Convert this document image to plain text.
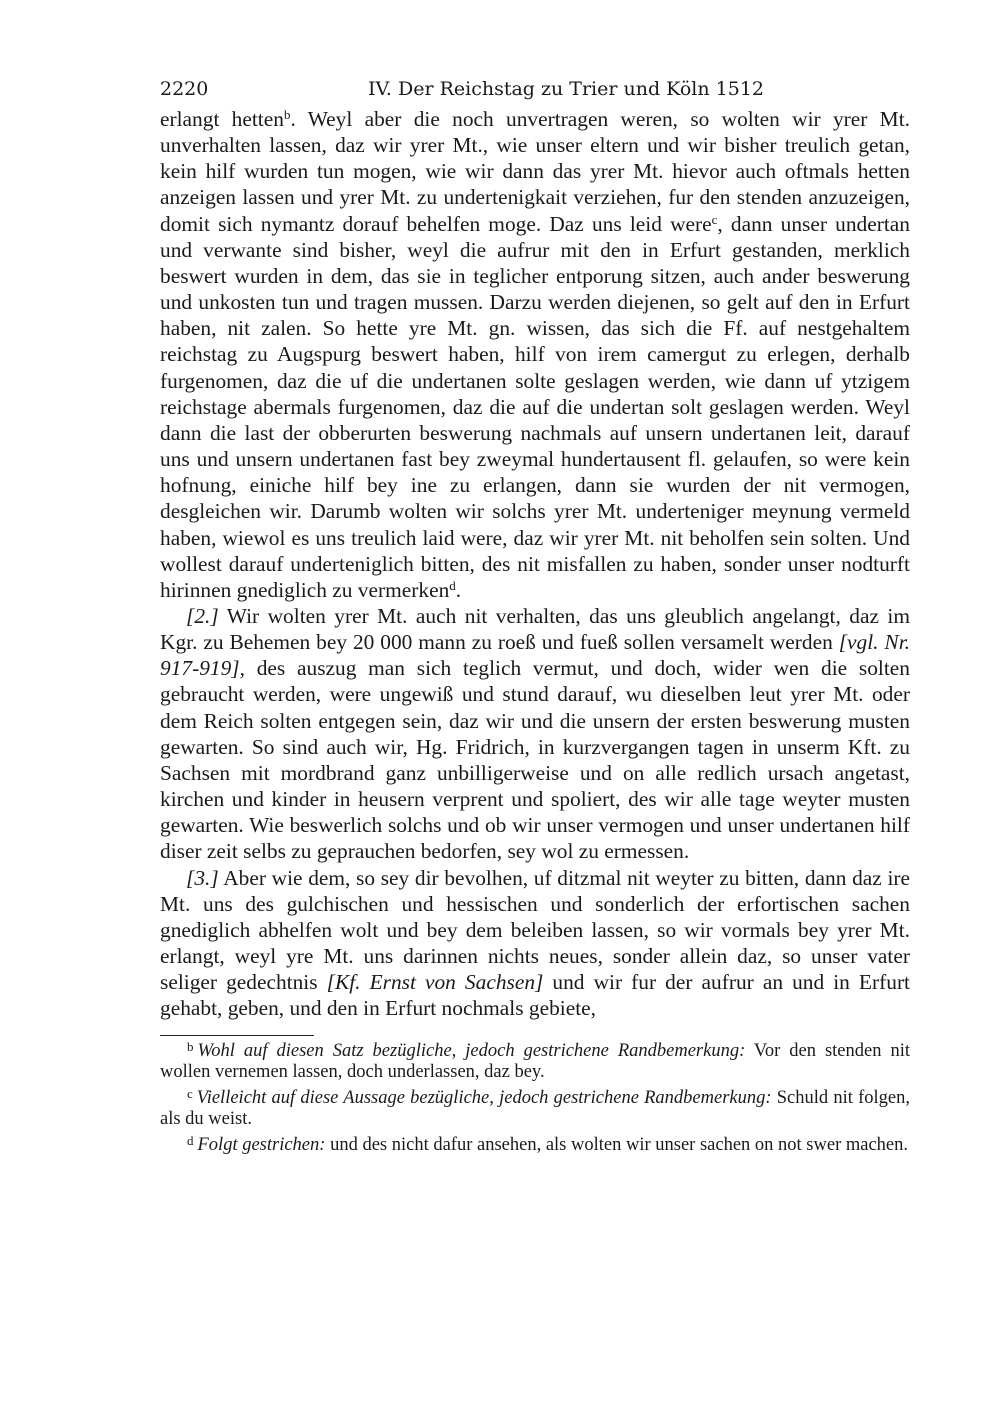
2220	IV. Der Reichstag zu Trier und Köln 1512

erlangt hetten$^b$. Weyl aber die noch unvertragen weren, so wolten wir yrer Mt. unverhalten lassen, daz wir yrer Mt., wie unser eltern und wir bisher treulich getan, kein hilf wurden tun mogen, wie wir dann das yrer Mt. hievor auch oftmals hetten anzeigen lassen und yrer Mt. zu undertenigkait verziehen, fur den stenden anzuzeigen, domit sich nymantz dorauf behelfen moge. Daz uns leid were$^c$, dann unser undertan und verwante sind bisher, weyl die aufrur mit den in Erfurt gestanden, merklich beswert wurden in dem, das sie in teglicher entporung sitzen, auch ander beswerung und unkosten tun und tragen mussen. Darzu werden diejenen, so gelt auf den in Erfurt haben, nit zalen. So hette yre Mt. gn. wissen, das sich die Ff. auf nestgehaltem reichstag zu Augspurg beswert haben, hilf von irem camergut zu erlegen, derhalb furgenomen, daz die uf die undertanen solte geslagen werden, wie dann uf ytzigem reichstage abermals furgenomen, daz die auf die undertan solt geslagen werden. Weyl dann die last der obberurten beswerung nachmals auf unsern undertanen leit, darauf uns und unsern undertanen fast bey zweymal hundertausent fl. gelaufen, so were kein hofnung, einiche hilf bey ine zu erlangen, dann sie wurden der nit vermogen, desgleichen wir. Darumb wolten wir solchs yrer Mt. underteniger meynung vermeld haben, wiewol es uns treulich laid were, daz wir yrer Mt. nit beholfen sein solten. Und wollest darauf underteniglich bitten, des nit misfallen zu haben, sonder unser nodturft hirinnen gnediglich zu vermerken$^d$.

[2.] Wir wolten yrer Mt. auch nit verhalten, das uns gleublich angelangt, daz im Kgr. zu Behemen bey 20 000 mann zu roeß und fueß sollen versamelt werden [vgl. Nr. 917-919], des auszug man sich teglich vermut, und doch, wider wen die solten gebraucht werden, were ungewiß und stund darauf, wu dieselben leut yrer Mt. oder dem Reich solten entgegen sein, daz wir und die unsern der ersten beswerung musten gewarten. So sind auch wir, Hg. Fridrich, in kurzvergangen tagen in unserm Kft. zu Sachsen mit mordbrand ganz unbilligerweise und on alle redlich ursach angetast, kirchen und kinder in heusern verprent und spoliert, des wir alle tage weyter musten gewarten. Wie beswerlich solchs und ob wir unser vermogen und unser undertanen hilf diser zeit selbs zu geprauchen bedorfen, sey wol zu ermessen.

[3.] Aber wie dem, so sey dir bevolhen, uf ditzmal nit weyter zu bitten, dann daz ire Mt. uns des gulchischen und hessischen und sonderlich der erfortischen sachen gnediglich abhelfen wolt und bey dem beleiben lassen, so wir vormals bey yrer Mt. erlangt, weyl yre Mt. uns darinnen nichts neues, sonder allein daz, so unser vater seliger gedechtnis [Kf. Ernst von Sachsen] und wir fur der aufrur an und in Erfurt gehabt, geben, und den in Erfurt nochmals gebiete,

$^b$ Wohl auf diesen Satz bezügliche, jedoch gestrichene Randbemerkung: Vor den stenden nit wollen vernemen lassen, doch underlassen, daz bey.

$^c$ Vielleicht auf diese Aussage bezügliche, jedoch gestrichene Randbemerkung: Schuld nit folgen, als du weist.

$^d$ Folgt gestrichen: und des nicht dafur ansehen, als wolten wir unser sachen on not swer machen.
